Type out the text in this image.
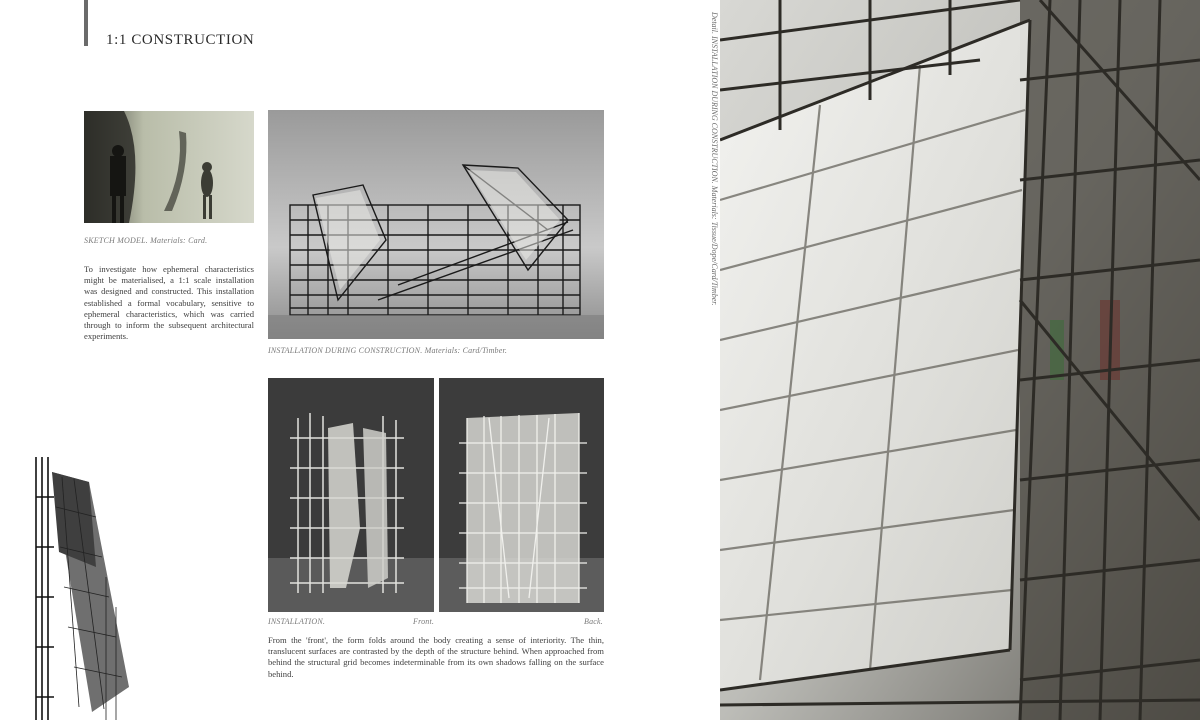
1:1 CONSTRUCTION
SKETCH MODEL. Materials: Card.
To investigate how ephemeral characteristics might be materialised, a 1:1 scale installation was designed and constructed. This installation established a formal vocabulary, sensitive to ephemeral characteristics, which was carried through to inform the subsequent architectural experiments.
INSTALLATION DURING CONSTRUCTION. Materials: Card/Timber.
INSTALLATION.	Front.	Back.
From the 'front', the form folds around the body creating a sense of interiority. The thin, translucent surfaces are contrasted by the depth of the structure behind. When approached from behind the structural grid becomes indeterminable from its own shadows falling on the surface behind.
Detail. INSTALLATION DURING CONSTRUCTION. Materials: Tissue/Dope/Card/Timber.
